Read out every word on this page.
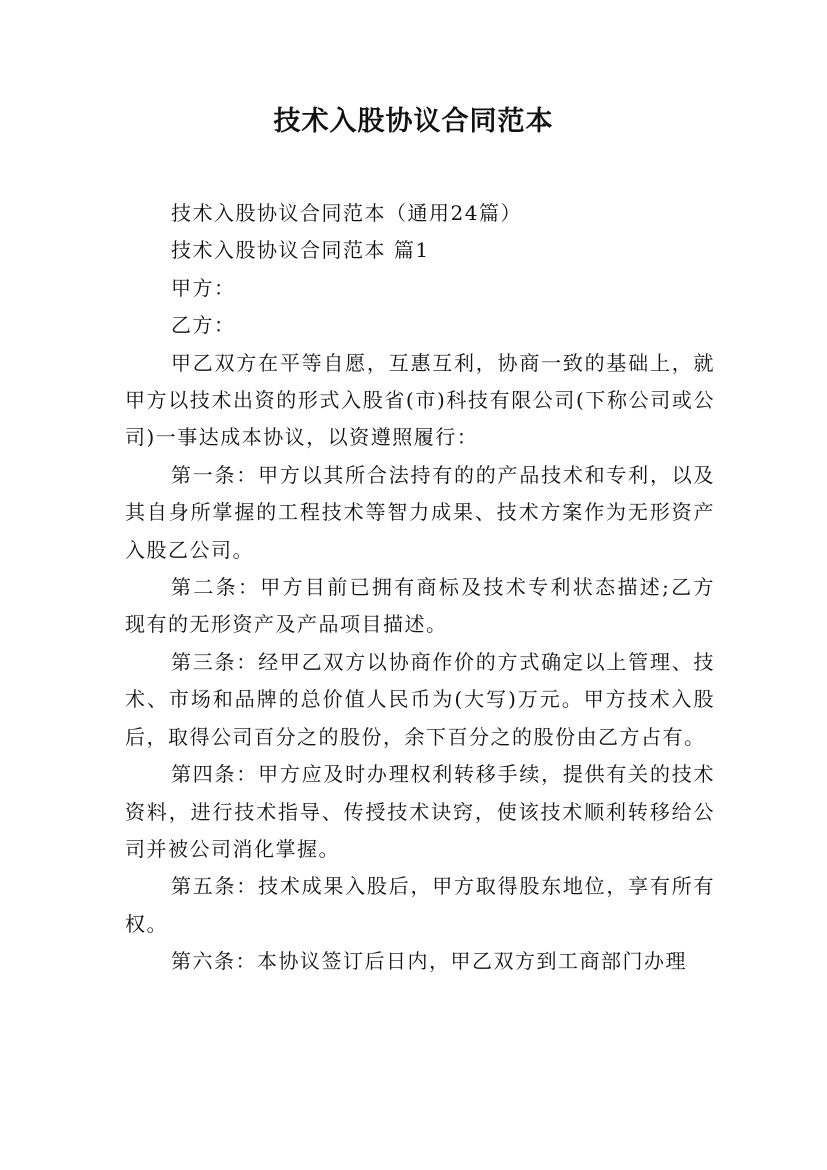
技术入股协议合同范本

技术入股协议合同范本（通用24篇）

技术入股协议合同范本 篇1

甲方：

乙方：

甲乙双方在平等自愿，互惠互利，协商一致的基础上，就甲方以技术出资的形式入股省(市)科技有限公司(下称公司或公司)一事达成本协议，以资遵照履行：

第一条：甲方以其所合法持有的的产品技术和专利，以及其自身所掌握的工程技术等智力成果、技术方案作为无形资产入股乙公司。

第二条：甲方目前已拥有商标及技术专利状态描述;乙方现有的无形资产及产品项目描述。

第三条：经甲乙双方以协商作价的方式确定以上管理、技术、市场和品牌的总价值人民币为(大写)万元。甲方技术入股后，取得公司百分之的股份，余下百分之的股份由乙方占有。

第四条：甲方应及时办理权利转移手续，提供有关的技术资料，进行技术指导、传授技术诀窍，使该技术顺利转移给公司并被公司消化掌握。

第五条：技术成果入股后，甲方取得股东地位，享有所有权。

第六条：本协议签订后日内，甲乙双方到工商部门办理
